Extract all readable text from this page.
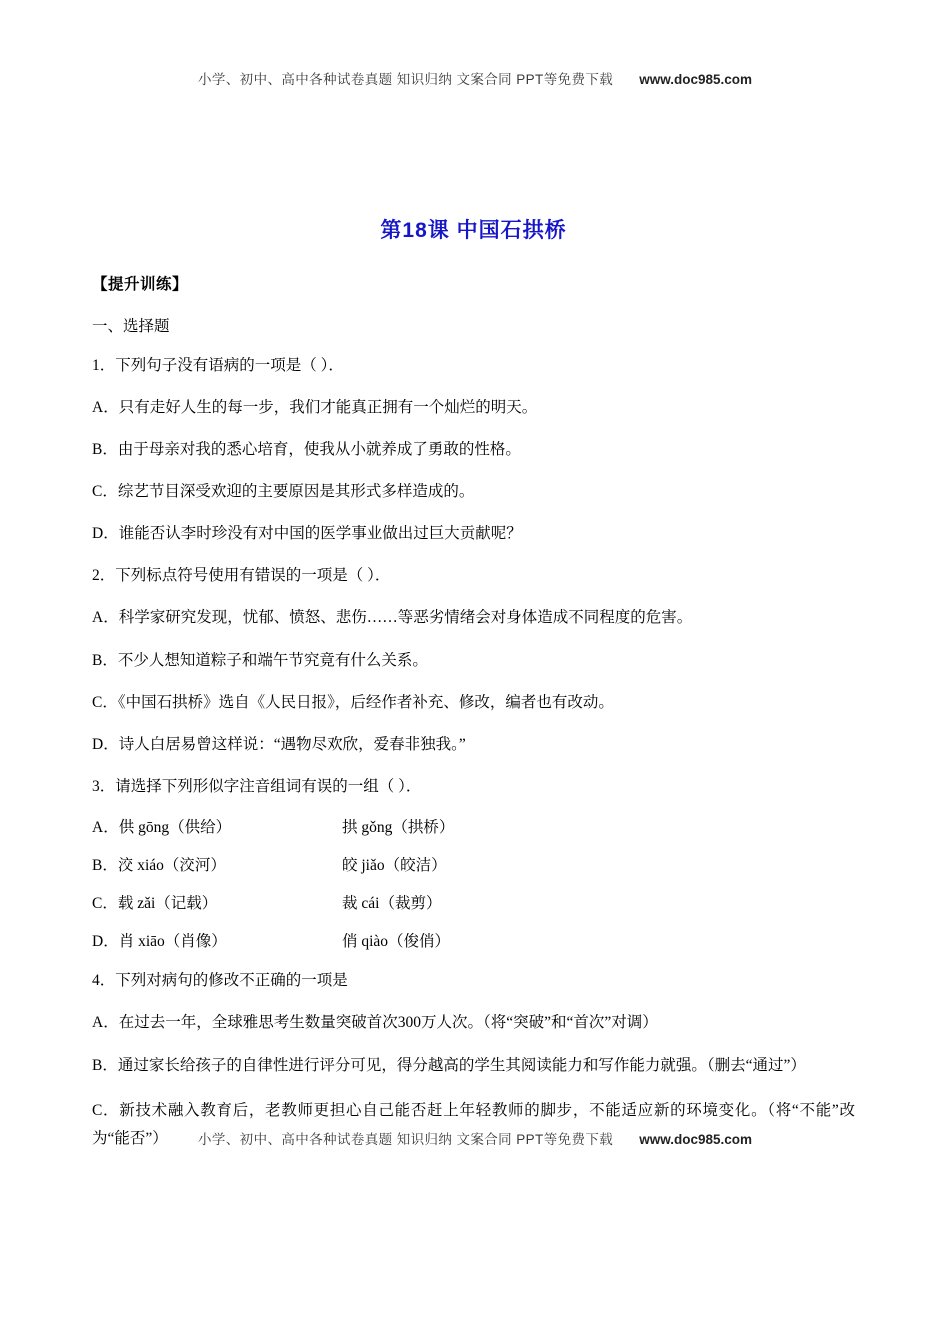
小学、初中、高中各种试卷真题 知识归纳 文案合同 PPT等免费下载 www.doc985.com
第18课 中国石拱桥
【提升训练】
一、选择题
1．下列句子没有语病的一项是（ ）．
A．只有走好人生的每一步，我们才能真正拥有一个灿烂的明天。
B．由于母亲对我的悉心培育，使我从小就养成了勇敢的性格。
C．综艺节目深受欢迎的主要原因是其形式多样造成的。
D．谁能否认李时珍没有对中国的医学事业做出过巨大贡献呢？
2．下列标点符号使用有错误的一项是（ ）．
A．科学家研究发现，忧郁、愤怒、悲伤……等恶劣情绪会对身体造成不同程度的危害。
B．不少人想知道粽子和端午节究竟有什么关系。
C．《中国石拱桥》选自《人民日报》，后经作者补充、修改，编者也有改动。
D．诗人白居易曾这样说：“遇物尽欢欣，爱春非独我。”
3．请选择下列形似字注音组词有误的一组（ ）．
A．供 gōng（供给）	拱 gǒng（拱桥）
B．洨 xiáo（洨河）	皎 jiǎo（皎洁）
C．载 zǎi（记载）	裁 cái（裁剪）
D．肖 xiāo（肖像）	俏 qiào（俊俏）
4．下列对病句的修改不正确的一项是
A．在过去一年，全球雅思考生数量突破首次300万人次。（将“突破”和“首次”对调）
B．通过家长给孩子的自律性进行评分可见，得分越高的学生其阅读能力和写作能力就强。（删去“通过”）
C．新技术融入教育后，老教师更担心自己能否赶上年轻教师的脚步，不能适应新的环境变化。（将“不能”改为“能否”）	小学、初中、高中各种试卷真题 知识归纳 文案合同 PPT等免费下载 www.doc985.com
